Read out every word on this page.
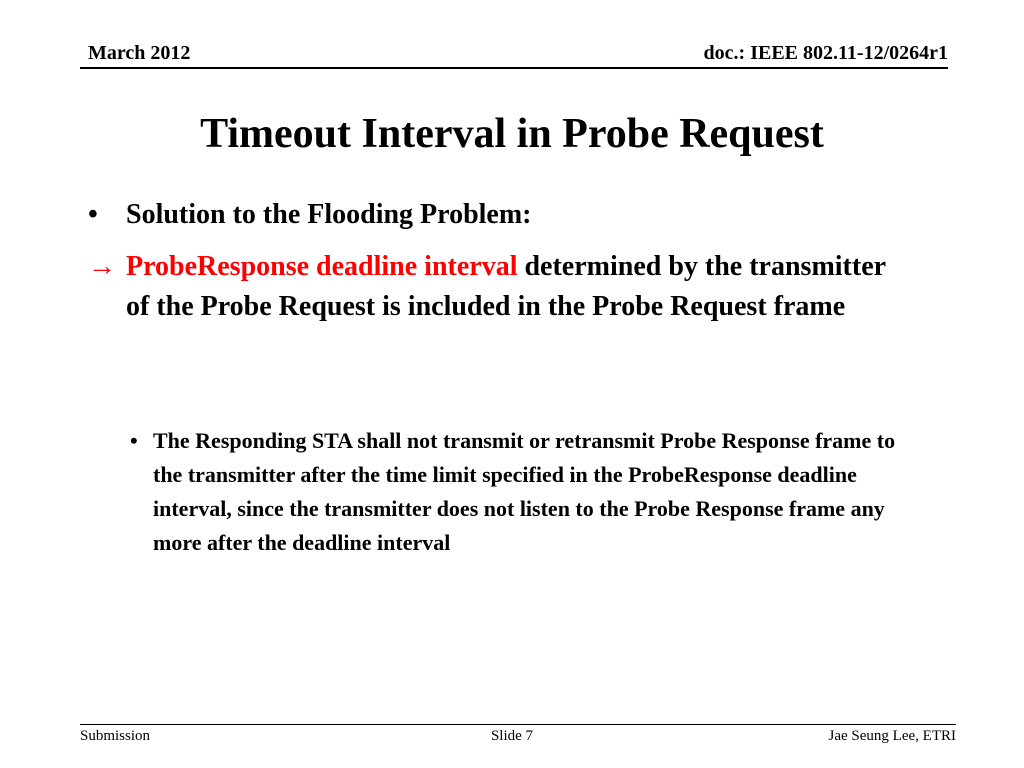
March 2012	doc.: IEEE 802.11-12/0264r1
Timeout Interval in Probe Request
• Solution to the Flooding Problem:
→ ProbeResponse deadline interval determined by the transmitter of the Probe Request is included in the Probe Request frame
• The Responding STA shall not transmit or retransmit Probe Response frame to the transmitter after the time limit specified in the ProbeResponse deadline interval, since the transmitter does not listen to the Probe Response frame any more after the deadline interval
Submission	Slide 7	Jae Seung Lee, ETRI
